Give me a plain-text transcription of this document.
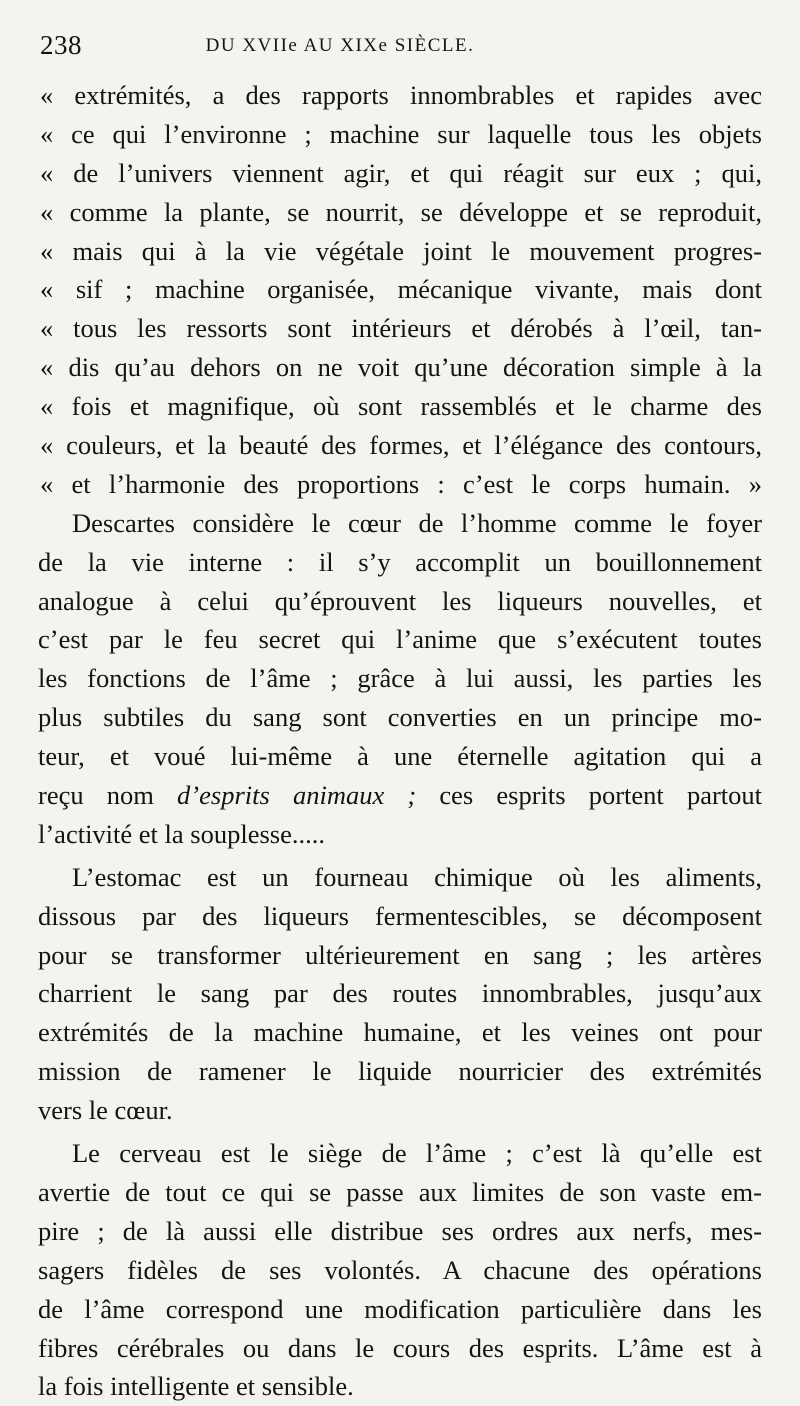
238	DU XVIIe AU XIXe SIÈCLE.
« extrémités, a des rapports innombrables et rapides avec
« ce qui l’environne ; machine sur laquelle tous les objets
« de l’univers viennent agir, et qui réagit sur eux ; qui,
« comme la plante, se nourrit, se développe et se reproduit,
« mais qui à la vie végétale joint le mouvement progres-
« sif ; machine organisée, mécanique vivante, mais dont
« tous les ressorts sont intérieurs et dérobés à l’œil, tan-
« dis qu’au dehors on ne voit qu’une décoration simple à la
« fois et magnifique, où sont rassemblés et le charme des
« couleurs, et la beauté des formes, et l’élégance des contours,
« et l’harmonie des proportions : c’est le corps humain. »
Descartes considère le cœur de l’homme comme le foyer
de la vie interne : il s’y accomplit un bouillonnement
analogue à celui qu’éprouvent les liqueurs nouvelles, et
c’est par le feu secret qui l’anime que s’exécutent toutes
les fonctions de l’âme ; grâce à lui aussi, les parties les
plus subtiles du sang sont converties en un principe mo-
teur, et voué lui-même à une éternelle agitation qui a
reçu nom d’esprits animaux ; ces esprits portent partout
l’activité et la souplesse.....
L’estomac est un fourneau chimique où les aliments,
dissous par des liqueurs fermentescibles, se décomposent
pour se transformer ultérieurement en sang ; les artères
charrient le sang par des routes innombrables, jusqu’aux
extrémités de la machine humaine, et les veines ont pour
mission de ramener le liquide nourricier des extrémités
vers le cœur.
Le cerveau est le siège de l’âme ; c’est là qu’elle est
avertie de tout ce qui se passe aux limites de son vaste em-
pire ; de là aussi elle distribue ses ordres aux nerfs, mes-
sagers fidèles de ses volontés. A chacune des opérations
de l’âme correspond une modification particulière dans les
fibres cérébrales ou dans le cours des esprits. L’âme est à
la fois intelligente et sensible.
